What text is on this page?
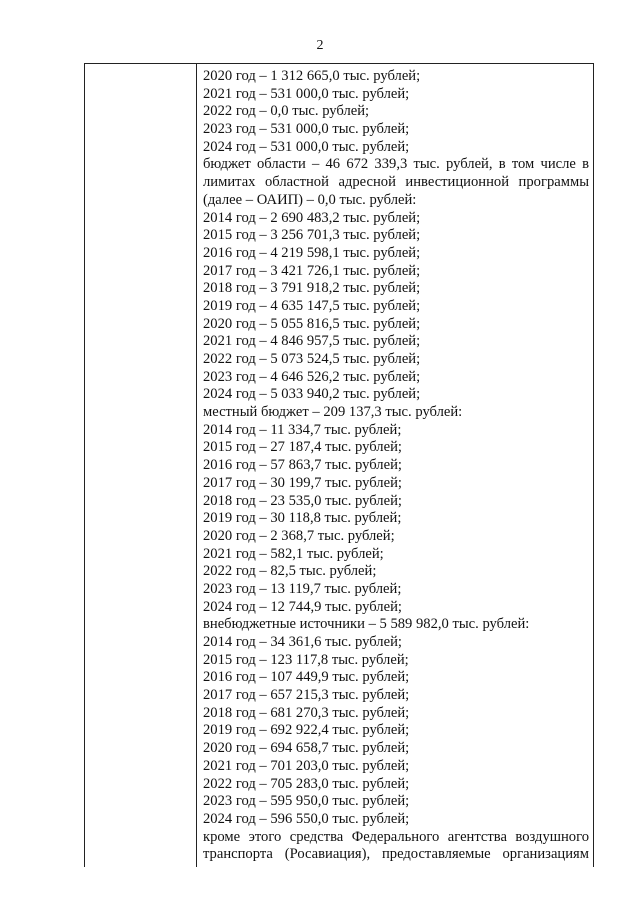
2
2020 год – 1 312 665,0 тыс. рублей;
2021 год – 531 000,0 тыс. рублей;
2022 год – 0,0 тыс. рублей;
2023 год – 531 000,0 тыс. рублей;
2024 год – 531 000,0 тыс. рублей;
бюджет области – 46 672 339,3 тыс. рублей, в том числе в
лимитах областной адресной инвестиционной программы
(далее – ОАИП) – 0,0 тыс. рублей:
2014 год – 2 690 483,2 тыс. рублей;
2015 год – 3 256 701,3 тыс. рублей;
2016 год – 4 219 598,1 тыс. рублей;
2017 год – 3 421 726,1 тыс. рублей;
2018 год – 3 791 918,2 тыс. рублей;
2019 год – 4 635 147,5 тыс. рублей;
2020 год – 5 055 816,5 тыс. рублей;
2021 год – 4 846 957,5 тыс. рублей;
2022 год – 5 073 524,5 тыс. рублей;
2023 год – 4 646 526,2 тыс. рублей;
2024 год – 5 033 940,2 тыс. рублей;
местный бюджет – 209 137,3 тыс. рублей:
2014 год – 11 334,7 тыс. рублей;
2015 год – 27 187,4 тыс. рублей;
2016 год – 57 863,7 тыс. рублей;
2017 год – 30 199,7 тыс. рублей;
2018 год – 23 535,0 тыс. рублей;
2019 год – 30 118,8 тыс. рублей;
2020 год – 2 368,7 тыс. рублей;
2021 год – 582,1 тыс. рублей;
2022 год – 82,5 тыс. рублей;
2023 год – 13 119,7 тыс. рублей;
2024 год – 12 744,9 тыс. рублей;
внебюджетные источники – 5 589 982,0 тыс. рублей:
2014 год – 34 361,6 тыс. рублей;
2015 год – 123 117,8 тыс. рублей;
2016 год – 107 449,9 тыс. рублей;
2017 год – 657 215,3 тыс. рублей;
2018 год – 681 270,3 тыс. рублей;
2019 год – 692 922,4 тыс. рублей;
2020 год – 694 658,7 тыс. рублей;
2021 год – 701 203,0 тыс. рублей;
2022 год – 705 283,0 тыс. рублей;
2023 год – 595 950,0 тыс. рублей;
2024 год – 596 550,0 тыс. рублей;
кроме этого средства Федерального агентства воздушного
транспорта (Росавиация), предоставляемые организациям
